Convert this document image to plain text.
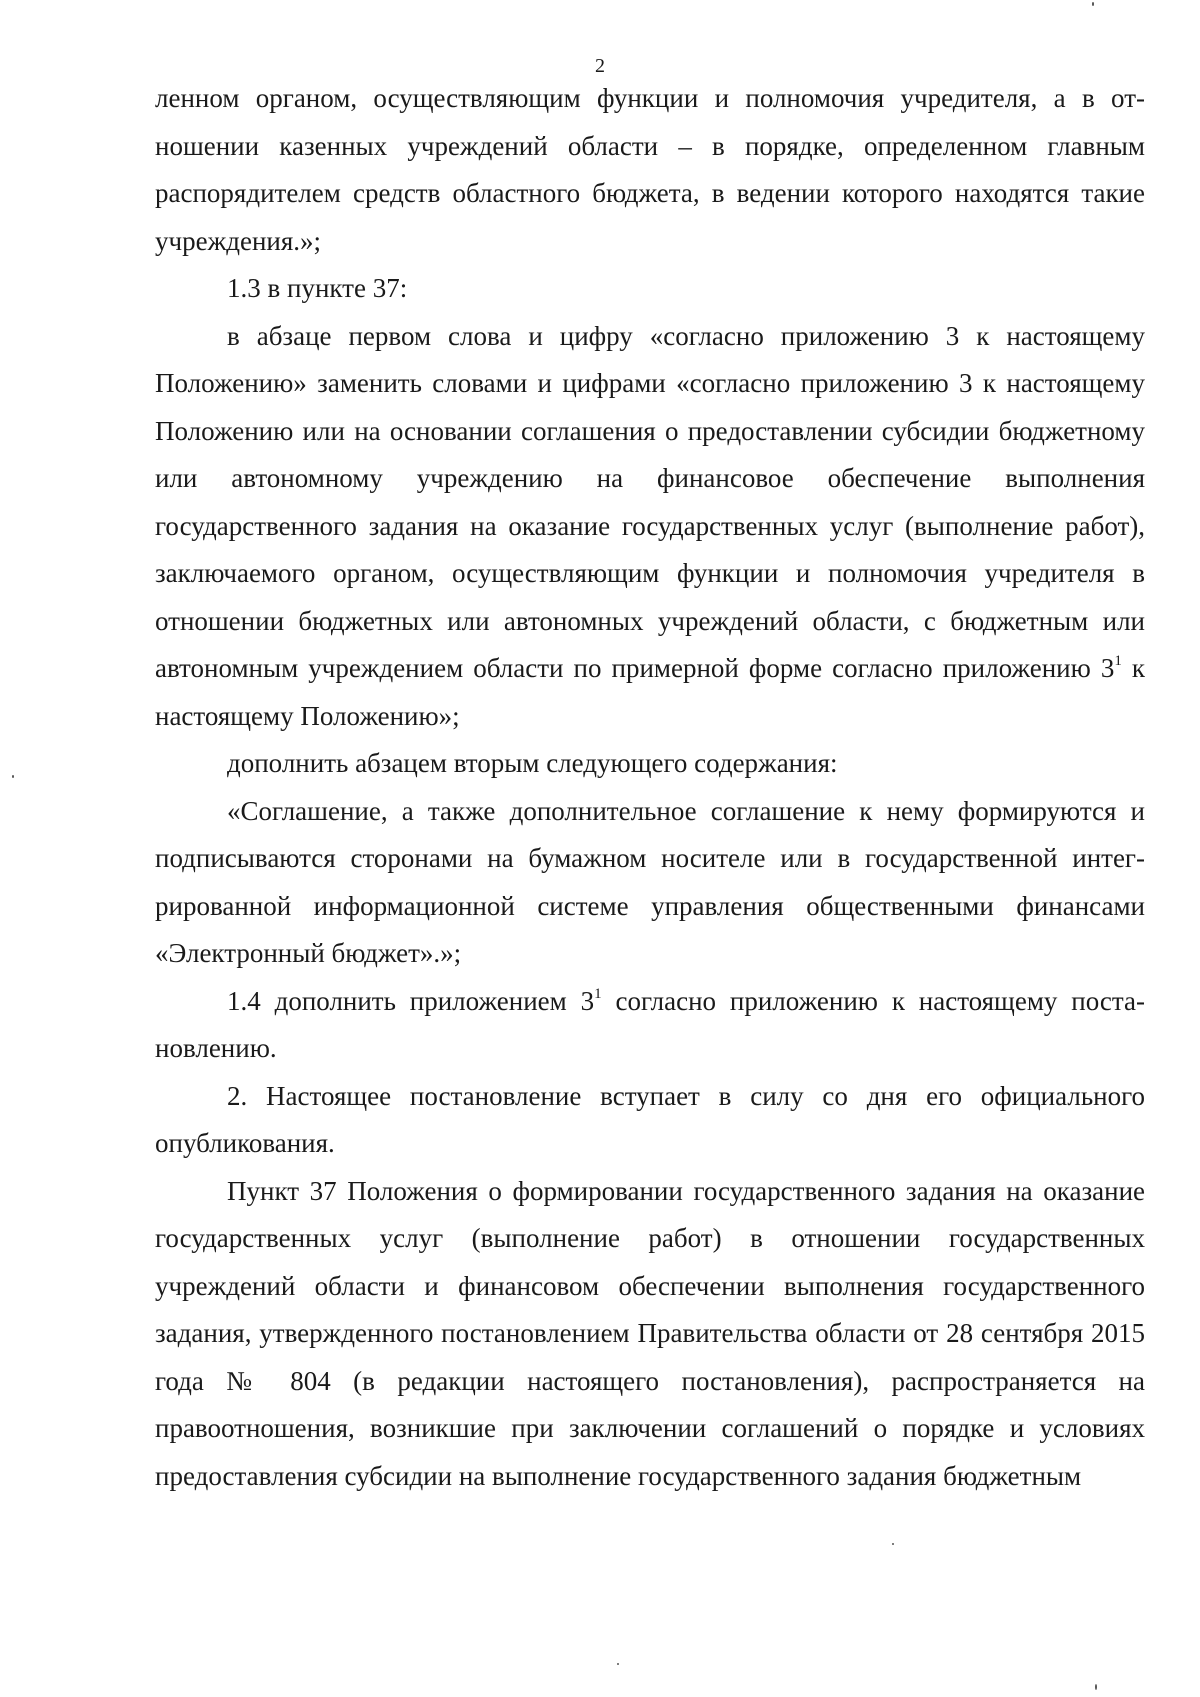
2

ленном органом, осуществляющим функции и полномочия учредителя, а в отношении казенных учреждений области – в порядке, определенном главным распорядителем средств областного бюджета, в ведении которого находятся такие учреждения.»;

1.3 в пункте 37:

в абзаце первом слова и цифру «согласно приложению 3 к настоящему Положению» заменить словами и цифрами «согласно приложению 3 к настоящему Положению или на основании соглашения о предоставлении субсидии бюджетному или автономному учреждению на финансовое обеспечение выполнения государственного задания на оказание государственных услуг (выполнение работ), заключаемого органом, осуществляющим функции и полномочия учредителя в отношении бюджетных или автономных учреждений области, с бюджетным или автономным учреждением области по примерной форме согласно приложению $3^1$ к настоящему Положению»;

дополнить абзацем вторым следующего содержания:

«Соглашение, а также дополнительное соглашение к нему формируются и подписываются сторонами на бумажном носителе или в государственной интегрированной информационной системе управления общественными финансами «Электронный бюджет».»;

1.4 дополнить приложением $3^1$ согласно приложению к настоящему постановлению.

2. Настоящее постановление вступает в силу со дня его официального опубликования.

Пункт 37 Положения о формировании государственного задания на оказание государственных услуг (выполнение работ) в отношении государственных учреждений области и финансовом обеспечении выполнения государственного задания, утвержденного постановлением Правительства области от 28 сентября 2015 года № 804 (в редакции настоящего постановления), распространяется на правоотношения, возникшие при заключении соглашений о порядке и условиях предоставления субсидии на выполнение государственного задания бюджетным
